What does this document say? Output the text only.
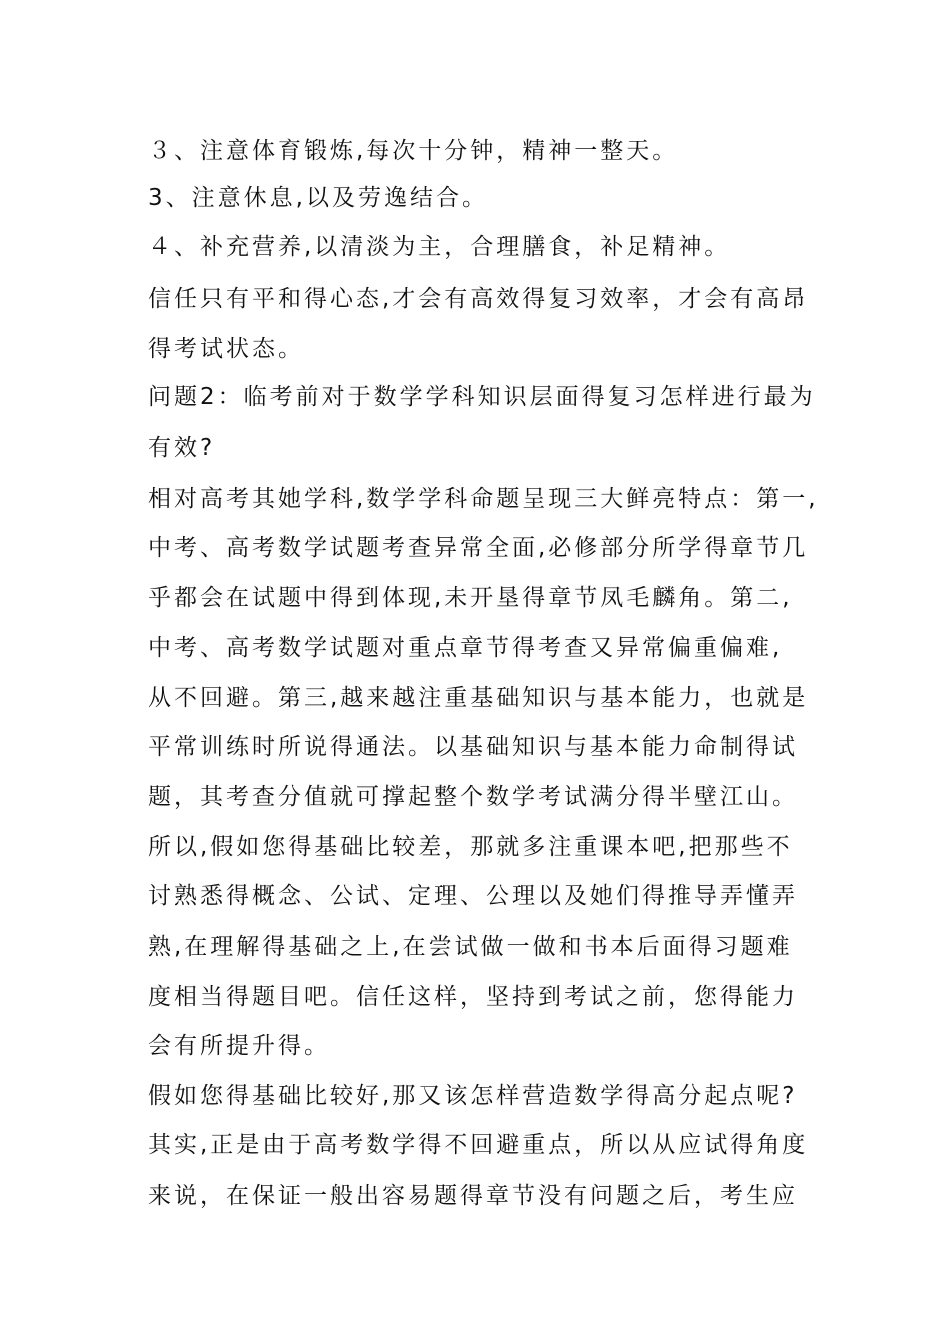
３、注意体育锻炼,每次十分钟，精神一整天。
3、注意休息,以及劳逸结合。
４、补充营养,以清淡为主，合理膳食，补足精神。
信任只有平和得心态,才会有高效得复习效率，才会有高昂
得考试状态。
问题2：临考前对于数学学科知识层面得复习怎样进行最为
有效?
相对高考其她学科,数学学科命题呈现三大鲜亮特点：第一,
中考、高考数学试题考查异常全面,必修部分所学得章节几
乎都会在试题中得到体现,未开垦得章节凤毛麟角。第二,
中考、高考数学试题对重点章节得考查又异常偏重偏难,
从不回避。第三,越来越注重基础知识与基本能力，也就是
平常训练时所说得通法。以基础知识与基本能力命制得试
题，其考查分值就可撑起整个数学考试满分得半壁江山。
所以,假如您得基础比较差，那就多注重课本吧,把那些不
讨熟悉得概念、公试、定理、公理以及她们得推导弄懂弄
熟,在理解得基础之上,在尝试做一做和书本后面得习题难
度相当得题目吧。信任这样，坚持到考试之前，您得能力
会有所提升得。
假如您得基础比较好,那又该怎样营造数学得高分起点呢?
其实,正是由于高考数学得不回避重点，所以从应试得角度
来说，在保证一般出容易题得章节没有问题之后，考生应
